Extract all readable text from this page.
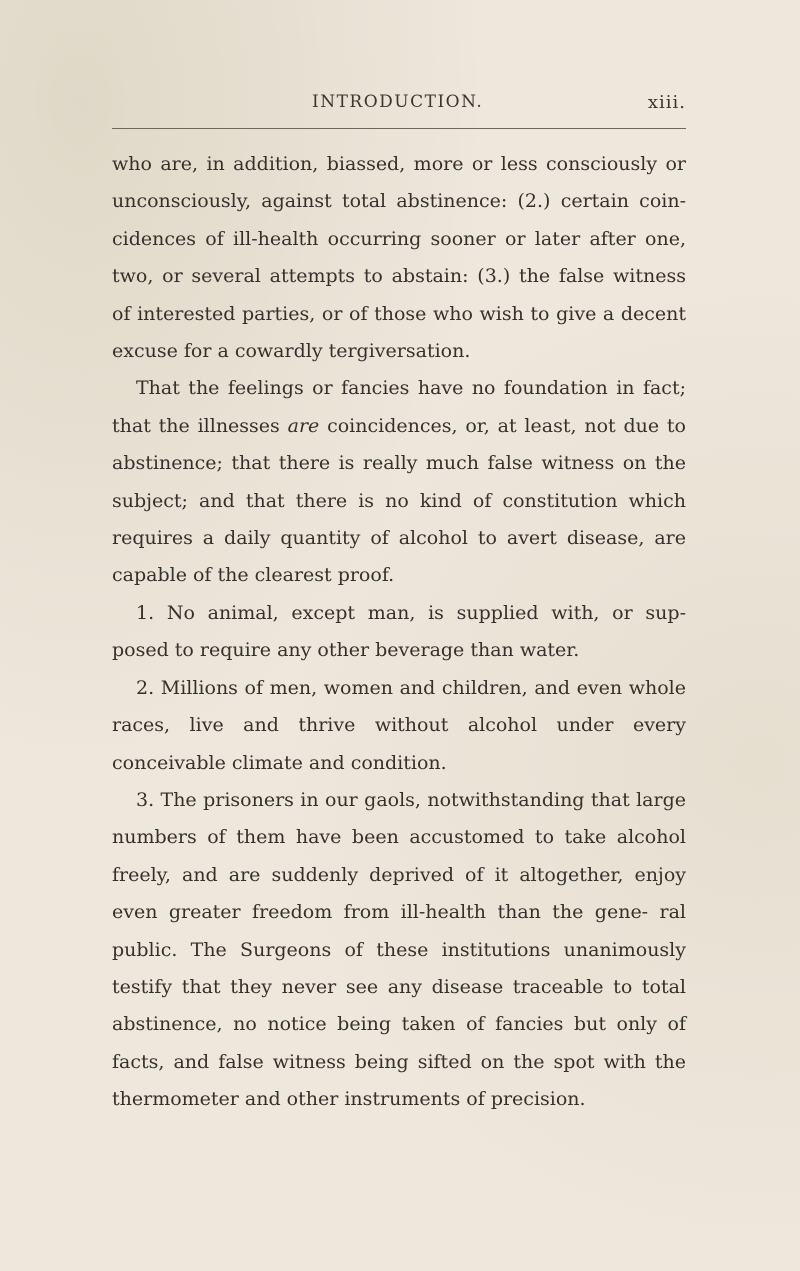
INTRODUCTION.	xiii.

who are, in addition, biassed, more or less consciously or unconsciously, against total abstinence: (2.) certain coin- cidences of ill-health occurring sooner or later after one, two, or several attempts to abstain: (3.) the false witness of interested parties, or of those who wish to give a decent excuse for a cowardly tergiversation.

That the feelings or fancies have no foundation in fact; that the illnesses are coincidences, or, at least, not due to abstinence; that there is really much false witness on the subject; and that there is no kind of constitution which requires a daily quantity of alcohol to avert disease, are capable of the clearest proof.

1. No animal, except man, is supplied with, or sup- posed to require any other beverage than water.

2. Millions of men, women and children, and even whole races, live and thrive without alcohol under every conceivable climate and condition.

3. The prisoners in our gaols, notwithstanding that large numbers of them have been accustomed to take alcohol freely, and are suddenly deprived of it altogether, enjoy even greater freedom from ill-health than the gene- ral public. The Surgeons of these institutions unanimously testify that they never see any disease traceable to total abstinence, no notice being taken of fancies but only of facts, and false witness being sifted on the spot with the thermometer and other instruments of precision.
